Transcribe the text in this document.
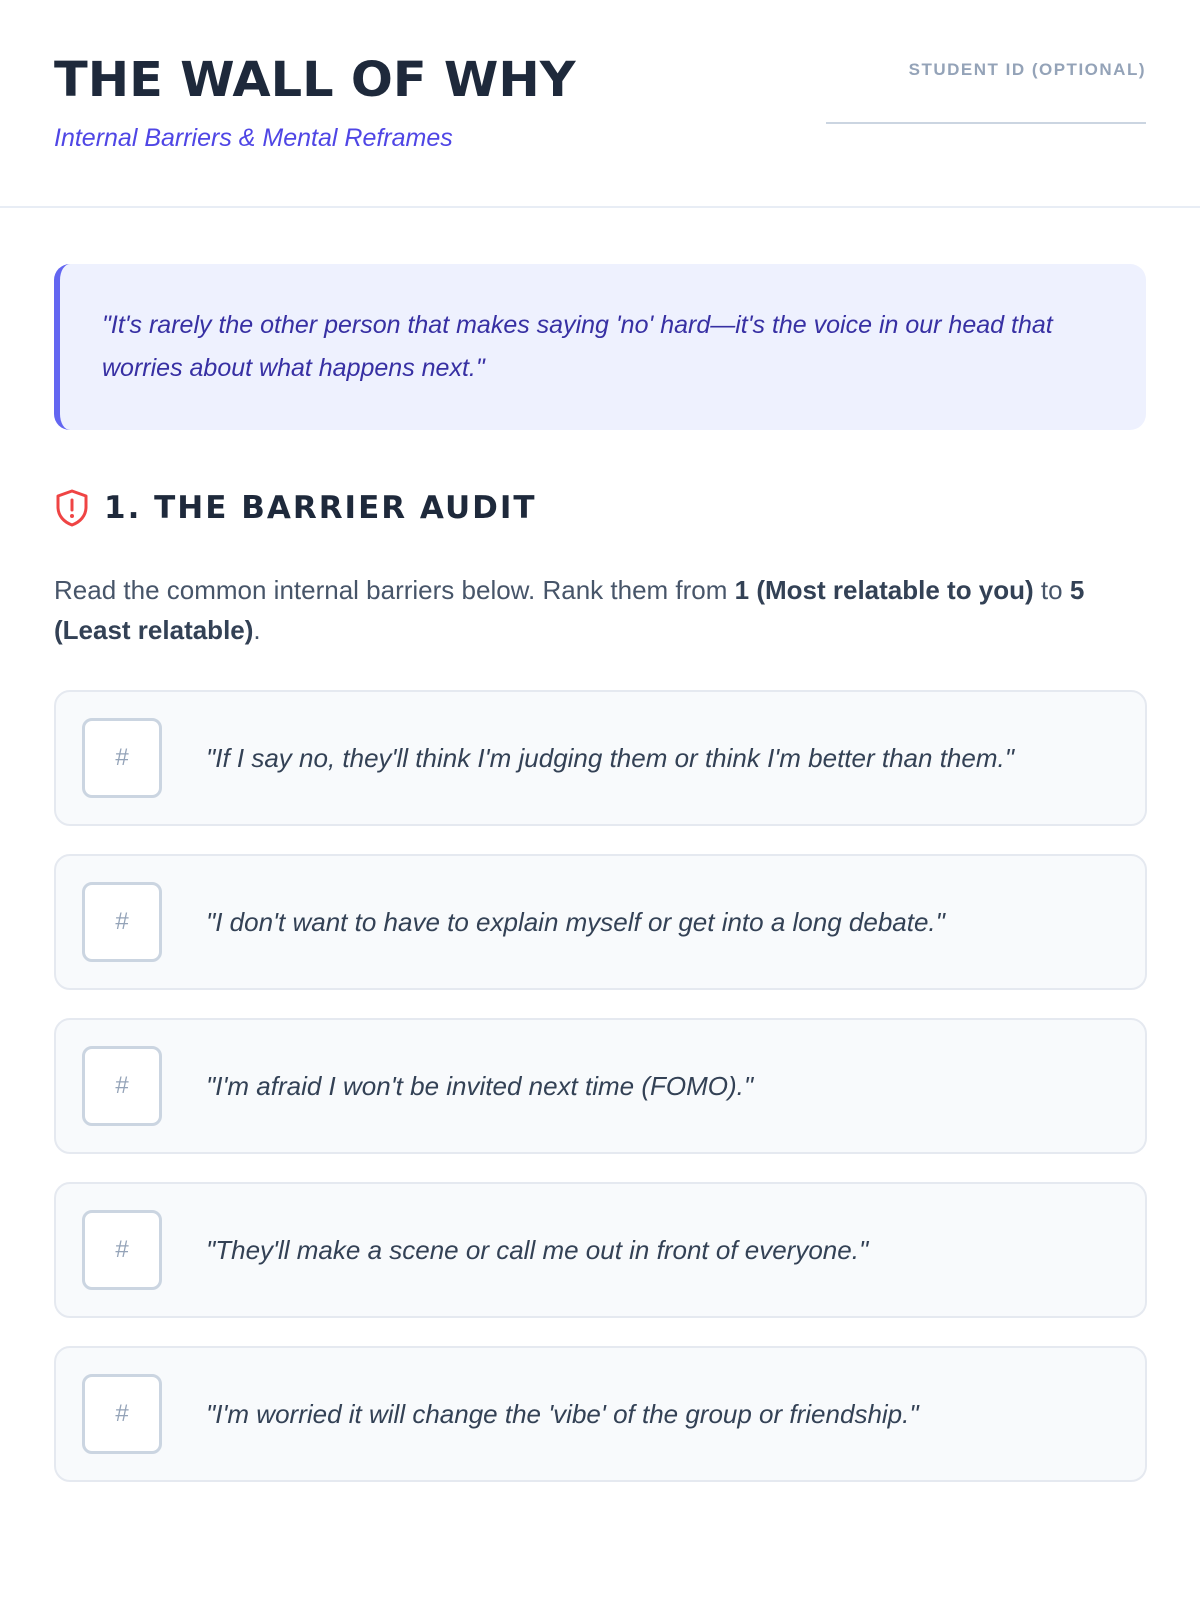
THE WALL OF WHY
Internal Barriers & Mental Reframes
STUDENT ID (OPTIONAL)
"It's rarely the other person that makes saying 'no' hard—it's the voice in our head that worries about what happens next."
1. THE BARRIER AUDIT
Read the common internal barriers below. Rank them from 1 (Most relatable to you) to 5 (Least relatable).
#	"If I say no, they'll think I'm judging them or think I'm better than them."
#	"I don't want to have to explain myself or get into a long debate."
#	"I'm afraid I won't be invited next time (FOMO)."
#	"They'll make a scene or call me out in front of everyone."
#	"I'm worried it will change the 'vibe' of the group or friendship."
